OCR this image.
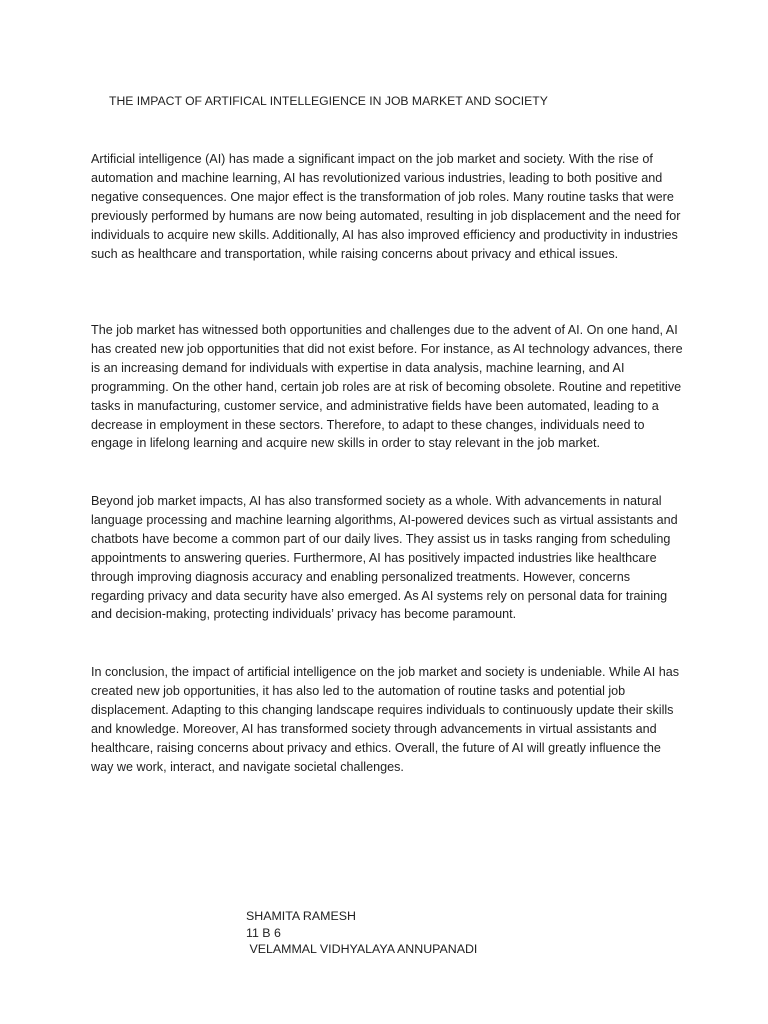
THE IMPACT OF ARTIFICAL INTELLEGIENCE IN JOB MARKET AND SOCIETY

Artificial intelligence (AI) has made a significant impact on the job market and society. With the rise of automation and machine learning, AI has revolutionized various industries, leading to both positive and negative consequences. One major effect is the transformation of job roles. Many routine tasks that were previously performed by humans are now being automated, resulting in job displacement and the need for individuals to acquire new skills. Additionally, AI has also improved efficiency and productivity in industries such as healthcare and transportation, while raising concerns about privacy and ethical issues.

The job market has witnessed both opportunities and challenges due to the advent of AI. On one hand, AI has created new job opportunities that did not exist before. For instance, as AI technology advances, there is an increasing demand for individuals with expertise in data analysis, machine learning, and AI programming. On the other hand, certain job roles are at risk of becoming obsolete. Routine and repetitive tasks in manufacturing, customer service, and administrative fields have been automated, leading to a decrease in employment in these sectors. Therefore, to adapt to these changes, individuals need to engage in lifelong learning and acquire new skills in order to stay relevant in the job market.

Beyond job market impacts, AI has also transformed society as a whole. With advancements in natural language processing and machine learning algorithms, AI-powered devices such as virtual assistants and chatbots have become a common part of our daily lives. They assist us in tasks ranging from scheduling appointments to answering queries. Furthermore, AI has positively impacted industries like healthcare through improving diagnosis accuracy and enabling personalized treatments. However, concerns regarding privacy and data security have also emerged. As AI systems rely on personal data for training and decision-making, protecting individuals’ privacy has become paramount.

In conclusion, the impact of artificial intelligence on the job market and society is undeniable. While AI has created new job opportunities, it has also led to the automation of routine tasks and potential job displacement. Adapting to this changing landscape requires individuals to continuously update their skills and knowledge. Moreover, AI has transformed society through advancements in virtual assistants and healthcare, raising concerns about privacy and ethics. Overall, the future of AI will greatly influence the way we work, interact, and navigate societal challenges.

SHAMITA RAMESH
11 B 6
VELAMMAL VIDHYALAYA ANNUPANADI
